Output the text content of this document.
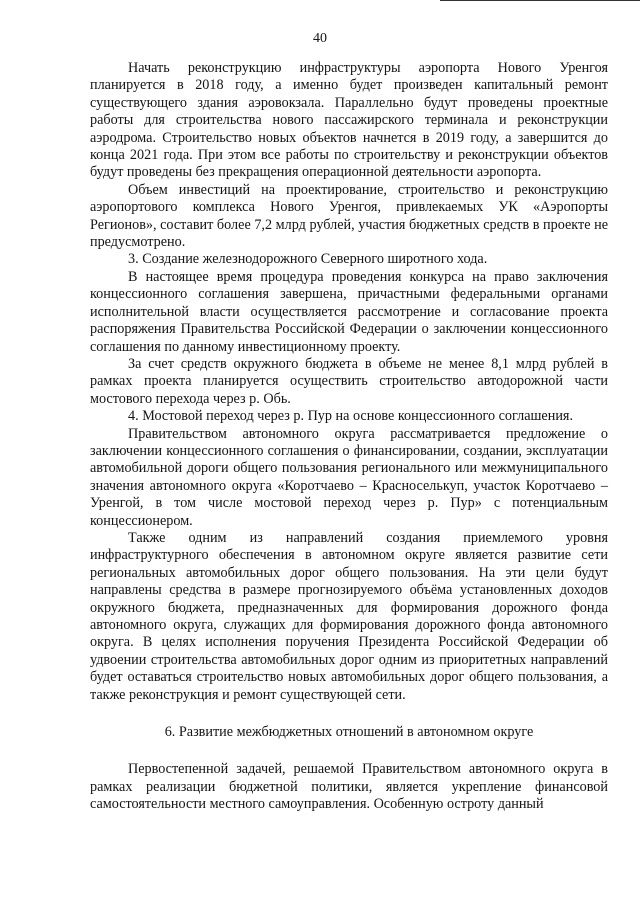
40

Начать реконструкцию инфраструктуры аэропорта Нового Уренгоя планируется в 2018 году, а именно будет произведен капитальный ремонт существующего здания аэровокзала. Параллельно будут проведены проектные работы для строительства нового пассажирского терминала и реконструкции аэродрома. Строительство новых объектов начнется в 2019 году, а завершится до конца 2021 года. При этом все работы по строительству и реконструкции объектов будут проведены без прекращения операционной деятельности аэропорта.

Объем инвестиций на проектирование, строительство и реконструкцию аэропортового комплекса Нового Уренгоя, привлекаемых УК «Аэропорты Регионов», составит более 7,2 млрд рублей, участия бюджетных средств в проекте не предусмотрено.

3. Создание железнодорожного Северного широтного хода.

В настоящее время процедура проведения конкурса на право заключения концессионного соглашения завершена, причастными федеральными органами исполнительной власти осуществляется рассмотрение и согласование проекта распоряжения Правительства Российской Федерации о заключении концессионного соглашения по данному инвестиционному проекту.

За счет средств окружного бюджета в объеме не менее 8,1 млрд рублей в рамках проекта планируется осуществить строительство автодорожной части мостового перехода через р. Обь.

4. Мостовой переход через р. Пур на основе концессионного соглашения.

Правительством автономного округа рассматривается предложение о заключении концессионного соглашения о финансировании, создании, эксплуатации автомобильной дороги общего пользования регионального или межмуниципального значения автономного округа «Коротчаево – Красноселькуп, участок Коротчаево – Уренгой, в том числе мостовой переход через р. Пур» с потенциальным концессионером.

Также одним из направлений создания приемлемого уровня инфраструктурного обеспечения в автономном округе является развитие сети региональных автомобильных дорог общего пользования. На эти цели будут направлены средства в размере прогнозируемого объёма установленных доходов окружного бюджета, предназначенных для формирования дорожного фонда автономного округа, служащих для формирования дорожного фонда автономного округа. В целях исполнения поручения Президента Российской Федерации об удвоении строительства автомобильных дорог одним из приоритетных направлений будет оставаться строительство новых автомобильных дорог общего пользования, а также реконструкция и ремонт существующей сети.

6. Развитие межбюджетных отношений в автономном округе

Первостепенной задачей, решаемой Правительством автономного округа в рамках реализации бюджетной политики, является укрепление финансовой самостоятельности местного самоуправления. Особенную остроту данный
